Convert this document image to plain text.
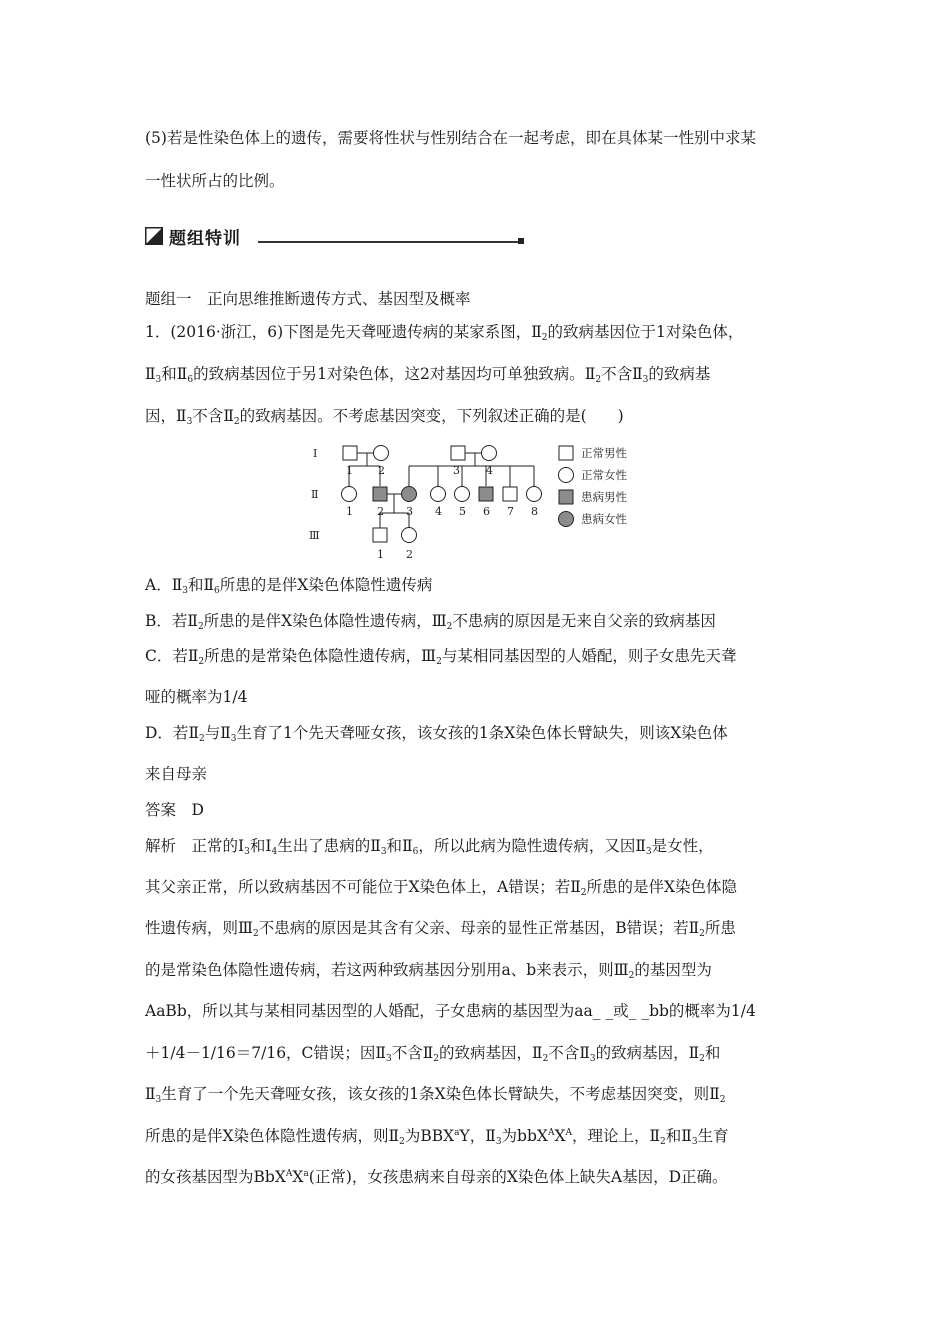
(5)若是性染色体上的遗传，需要将性状与性别结合在一起考虑，即在具体某一性别中求某
一性状所占的比例。
题组特训
题组一　正向思维推断遗传方式、基因型及概率
1．(2016·浙江，6)下图是先天聋哑遗传病的某家系图，$Ⅱ_2$的致病基因位于1对染色体，
$Ⅱ_3$和$Ⅱ_6$的致病基因位于另1对染色体，这2对基因均可单独致病。$Ⅱ_2$不含$Ⅱ_3$的致病基
因，$Ⅱ_3$不含$Ⅱ_2$的致病基因。不考虑基因突变，下列叙述正确的是(　　)
Ⅰ
Ⅱ
Ⅲ
1 2	3 4
1 2 3 4 5 6 7 8
1 2
正常男性
正常女性
患病男性
患病女性
A．$Ⅱ_3$和$Ⅱ_6$所患的是伴X染色体隐性遗传病
B．若$Ⅱ_2$所患的是伴X染色体隐性遗传病，$Ⅲ_2$不患病的原因是无来自父亲的致病基因
C．若$Ⅱ_2$所患的是常染色体隐性遗传病，$Ⅲ_2$与某相同基因型的人婚配，则子女患先天聋
哑的概率为1/4
D．若$Ⅱ_2$与$Ⅱ_3$生育了1个先天聋哑女孩，该女孩的1条X染色体长臂缺失，则该X染色体
来自母亲
答案　D
解析　正常的$Ⅰ_3$和$Ⅰ_4$生出了患病的$Ⅱ_3$和$Ⅱ_6$，所以此病为隐性遗传病，又因$Ⅱ_3$是女性，
其父亲正常，所以致病基因不可能位于X染色体上，A错误；若$Ⅱ_2$所患的是伴X染色体隐
性遗传病，则$Ⅲ_2$不患病的原因是其含有父亲、母亲的显性正常基因，B错误；若$Ⅱ_2$所患
的是常染色体隐性遗传病，若这两种致病基因分别用a、b来表示，则$Ⅲ_2$的基因型为
AaBb，所以其与某相同基因型的人婚配，子女患病的基因型为aa_ _或_ _bb的概率为1/4
＋1/4－1/16＝7/16，C错误；因$Ⅱ_3$不含$Ⅱ_2$的致病基因，$Ⅱ_2$不含$Ⅱ_3$的致病基因，$Ⅱ_2$和
$Ⅱ_3$生育了一个先天聋哑女孩，该女孩的1条X染色体长臂缺失，不考虑基因突变，则$Ⅱ_2$
所患的是伴X染色体隐性遗传病，则$Ⅱ_2$为BBX$^a$Y，$Ⅱ_3$为$bbX^AX^A$，理论上，$Ⅱ_2$和$Ⅱ_3$生育
的女孩基因型为$BbX^AX^a$(正常)，女孩患病来自母亲的X染色体上缺失A基因，D正确。
